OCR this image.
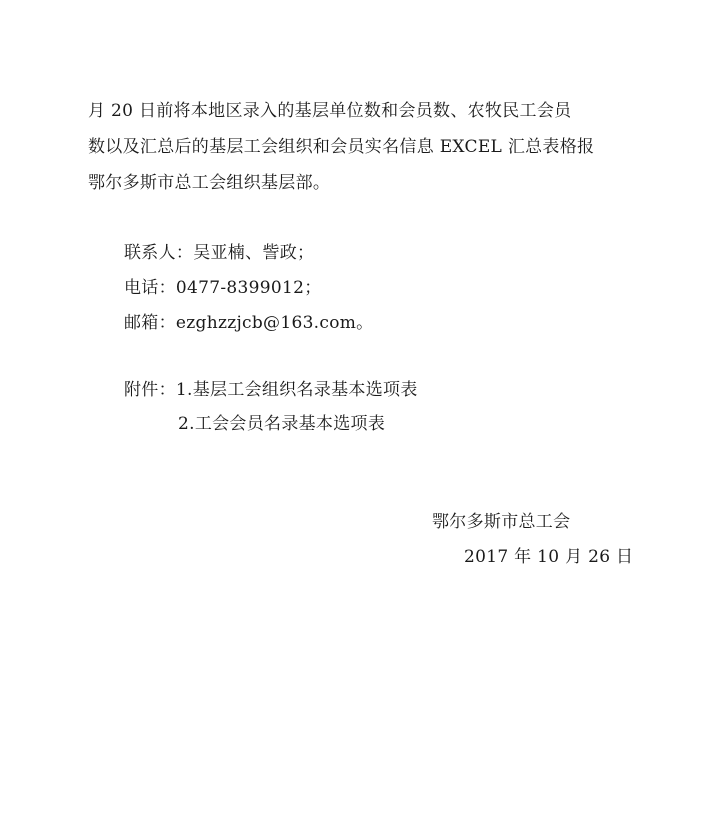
月 20 日前将本地区录入的基层单位数和会员数、农牧民工会员
数以及汇总后的基层工会组织和会员实名信息 EXCEL 汇总表格报
鄂尔多斯市总工会组织基层部。
联系人：吴亚楠、訾政；
电话：0477-8399012；
邮箱：ezghzzjcb@163.com。
附件：1.基层工会组织名录基本选项表
2.工会会员名录基本选项表
鄂尔多斯市总工会
2017 年 10 月 26 日
